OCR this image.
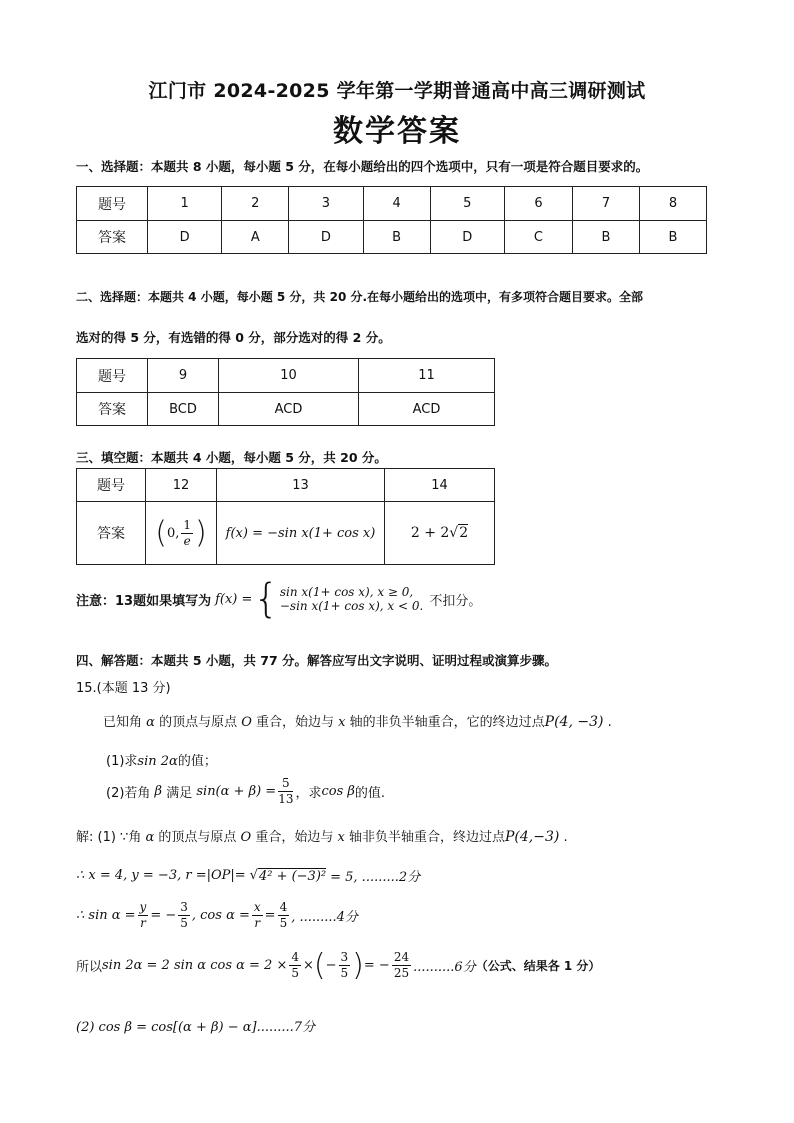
江门市 2024-2025 学年第一学期普通高中高三调研测试
数学答案
一、选择题：本题共 8 小题，每小题 5 分，在每小题给出的四个选项中，只有一项是符合题目要求的。
题号	1	2	3	4	5	6	7	8
答案	D	A	D	B	D	C	B	B
二、选择题：本题共 4 小题，每小题 5 分，共 20 分.在每小题给出的选项中，有多项符合题目要求。全部
选对的得 5 分，有选错的得 0 分，部分选对的得 2 分。
题号	9	10	11
答案	BCD	ACD	ACD
三、填空题：本题共 4 小题，每小题 5 分，共 20 分。
题号	12	13	14
答案	(0, $\frac{1}{e}$ )	f(x) = −sin x(1+ cos x)	2 + 2√2
注意：13题如果填写为 f(x) = { sin x(1+ cos x), x ≥ 0,
−sin x(1+ cos x), x < 0. 不扣分。
四、解答题：本题共 5 小题，共 77 分。解答应写出文字说明、证明过程或演算步骤。
15.(本题 13 分)
已知角 α 的顶点与原点 O 重合，始边与 x 轴的非负半轴重合，它的终边过点P(4, −3) .
(1)求sin 2α的值；
(2)若角 β 满足
$\sin(\alpha + \beta) = \frac{5}{13}$ ，求 cos β 的值.
解: (1) ∵角 α 的顶点与原点 O 重合，始边与 x 轴非负半轴重合，终边过点P(4,−3) .
∴ x = 4, y = −3, r =|OP|= √ 4² + (−3)² = 5, .........2分
∴ $\sin \alpha = \frac{y}{r}$ = − $\frac{3}{5}$ , $\cos \alpha = \frac{x}{r} = \frac{4}{5}$ , .........4分
所以 sin 2α = 2 sin α $\cos \alpha = 2 \times \frac{4}{5}$ × ( − $\frac{3}{5}$ ) = − $\frac{24}{25} ..........6$分 （公式、结果各 1 分）
(2) cos β = cos[(α + β) − α].........7分
